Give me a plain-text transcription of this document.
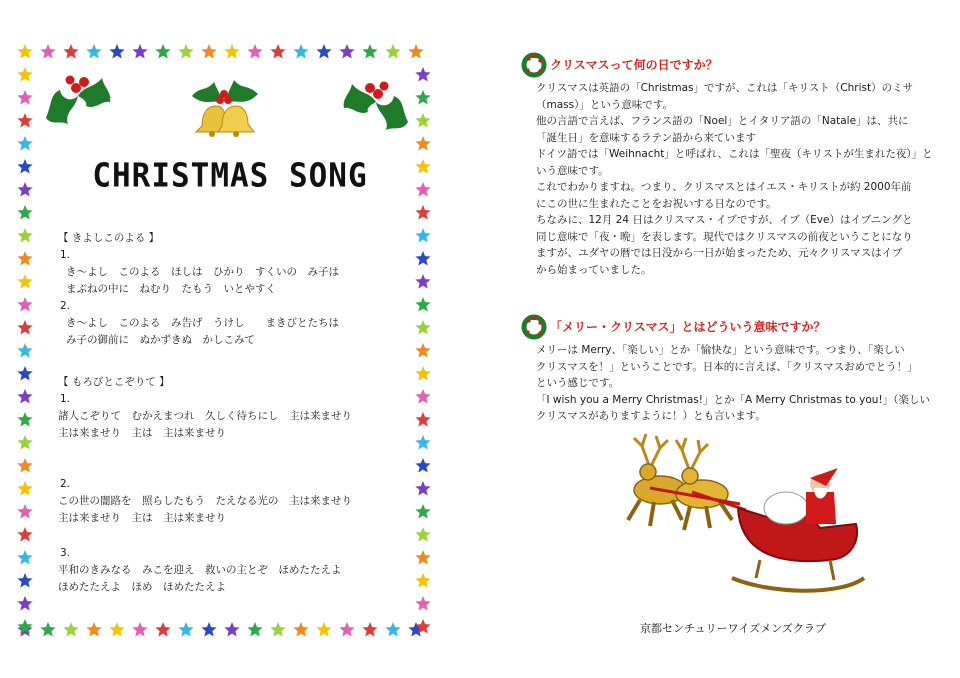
CHRISTMAS SONG
【 きよしこのよる 】
1.
き～よし　このよる　ほしは　ひかり　すくいの　み子は
まぶねの中に　ねむり　たもう　いとやすく
2.
き～よし　このよる　み告げ　うけし　　まきびとたちは
み子の御前に　ぬかずきぬ　かしこみて
【 もろびとこぞりて 】
1.
諸人こぞりて　むかえまつれ　久しく待ちにし　主は来ませり
主は来ませり　主は　主は来ませり
2.
この世の闇路を　照らしたもう　たえなる光の　主は来ませり
主は来ませり　主は　主は来ませり
3.
平和のきみなる　みこを迎え　救いの主とぞ　ほめたたえよ
ほめたたえよ　ほめ　ほめたたえよ
クリスマスって何の日ですか？
クリスマスは英語の「Christmas」ですが、これは「キリスト（Christ）のミサ
（mass）」という意味です。
他の言語で言えば、フランス語の「Noel」とイタリア語の「Natale」は、共に
「誕生日」を意味するラテン語から来ています
ドイツ語では「Weihnacht」と呼ばれ、これは「聖夜（キリストが生まれた夜）」と
いう意味です。
これでわかりますね。つまり、クリスマスとはイエス・キリストが約 2000年前
にこの世に生まれたことをお祝いする日なのです。
ちなみに、12月 24 日はクリスマス・イブですが、イブ（Eve）はイブニングと
同じ意味で「夜・晩」を表します。現代ではクリスマスの前夜ということになり
ますが、ユダヤの暦では日没から一日が始まったため、元々クリスマスはイブ
から始まっていました。
「メリー・クリスマス」とはどういう意味ですか？
メリーは Merry、「楽しい」とか「愉快な」という意味です。つまり、「楽しい
クリスマスを！」ということです。日本的に言えば、「クリスマスおめでとう！」
という感じです。
「I wish you a Merry Christmas!」とか「A Merry Christmas to you!」（楽しい
クリスマスがありますように！）とも言います。
京都センチュリーワイズメンズクラブ
